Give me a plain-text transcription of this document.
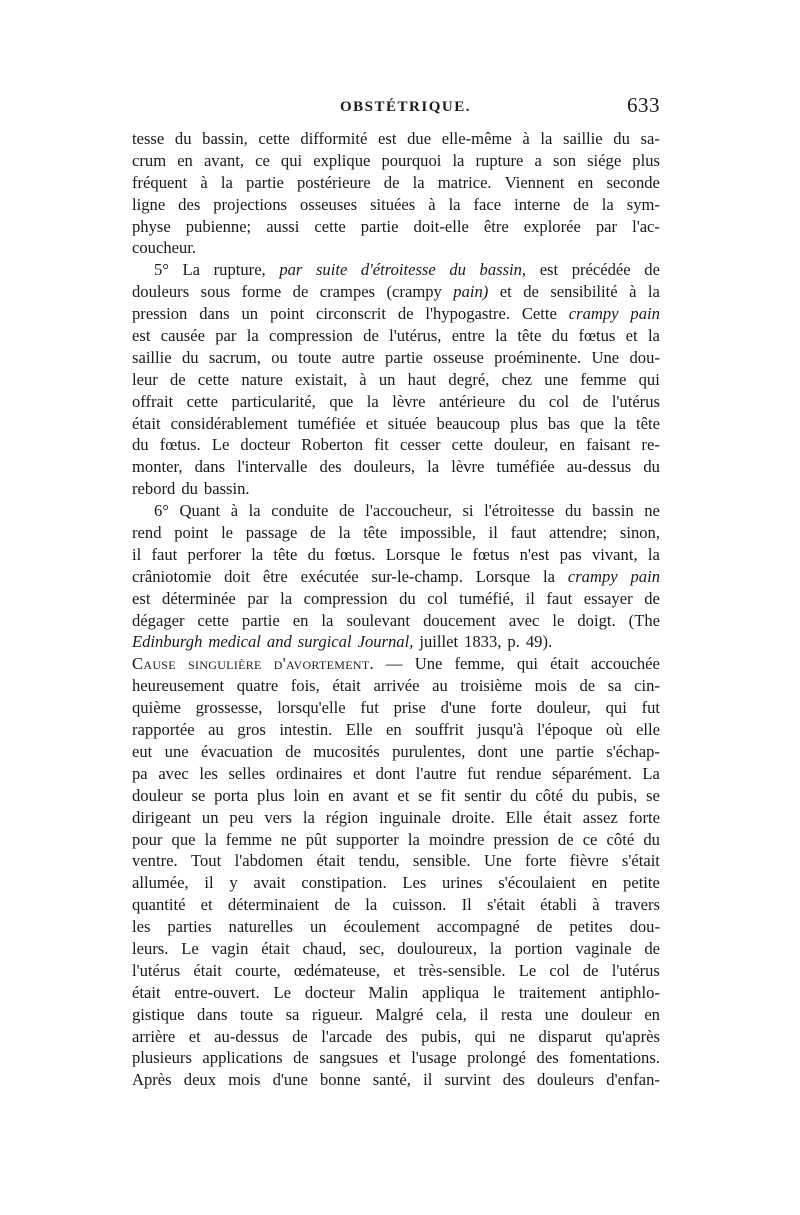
OBSTÉTRIQUE.	633
tesse du bassin, cette difformité est due elle-même à la saillie du sa-
crum en avant, ce qui explique pourquoi la rupture a son siége plus
fréquent à la partie postérieure de la matrice. Viennent en seconde
ligne des projections osseuses situées à la face interne de la sym-
physe pubienne; aussi cette partie doit-elle être explorée par l'ac-
coucheur.
5° La rupture, par suite d'étroitesse du bassin, est précédée de
douleurs sous forme de crampes (crampy pain) et de sensibilité à la
pression dans un point circonscrit de l'hypogastre. Cette crampy pain
est causée par la compression de l'utérus, entre la tête du fœtus et la
saillie du sacrum, ou toute autre partie osseuse proéminente. Une dou-
leur de cette nature existait, à un haut degré, chez une femme qui
offrait cette particularité, que la lèvre antérieure du col de l'utérus
était considérablement tuméfiée et située beaucoup plus bas que la tête
du fœtus. Le docteur Roberton fit cesser cette douleur, en faisant re-
monter, dans l'intervalle des douleurs, la lèvre tuméfiée au-dessus du
rebord du bassin.
6° Quant à la conduite de l'accoucheur, si l'étroitesse du bassin ne
rend point le passage de la tête impossible, il faut attendre; sinon,
il faut perforer la tête du fœtus. Lorsque le fœtus n'est pas vivant, la
crâniotomie doit être exécutée sur-le-champ. Lorsque la crampy pain
est déterminée par la compression du col tuméfié, il faut essayer de
dégager cette partie en la soulevant doucement avec le doigt. (The
Edinburgh medical and surgical Journal, juillet 1833, p. 49).
Cause singulière d'avortement. — Une femme, qui était accouchée
heureusement quatre fois, était arrivée au troisième mois de sa cin-
quième grossesse, lorsqu'elle fut prise d'une forte douleur, qui fut
rapportée au gros intestin. Elle en souffrit jusqu'à l'époque où elle
eut une évacuation de mucosités purulentes, dont une partie s'échap-
pa avec les selles ordinaires et dont l'autre fut rendue séparément. La
douleur se porta plus loin en avant et se fit sentir du côté du pubis, se
dirigeant un peu vers la région inguinale droite. Elle était assez forte
pour que la femme ne pût supporter la moindre pression de ce côté du
ventre. Tout l'abdomen était tendu, sensible. Une forte fièvre s'était
allumée, il y avait constipation. Les urines s'écoulaient en petite
quantité et déterminaient de la cuisson. Il s'était établi à travers
les parties naturelles un écoulement accompagné de petites dou-
leurs. Le vagin était chaud, sec, douloureux, la portion vaginale de
l'utérus était courte, œdémateuse, et très-sensible. Le col de l'utérus
était entre-ouvert. Le docteur Malin appliqua le traitement antiphlo-
gistique dans toute sa rigueur. Malgré cela, il resta une douleur en
arrière et au-dessus de l'arcade des pubis, qui ne disparut qu'après
plusieurs applications de sangsues et l'usage prolongé des fomentations.
Après deux mois d'une bonne santé, il survint des douleurs d'enfan-
